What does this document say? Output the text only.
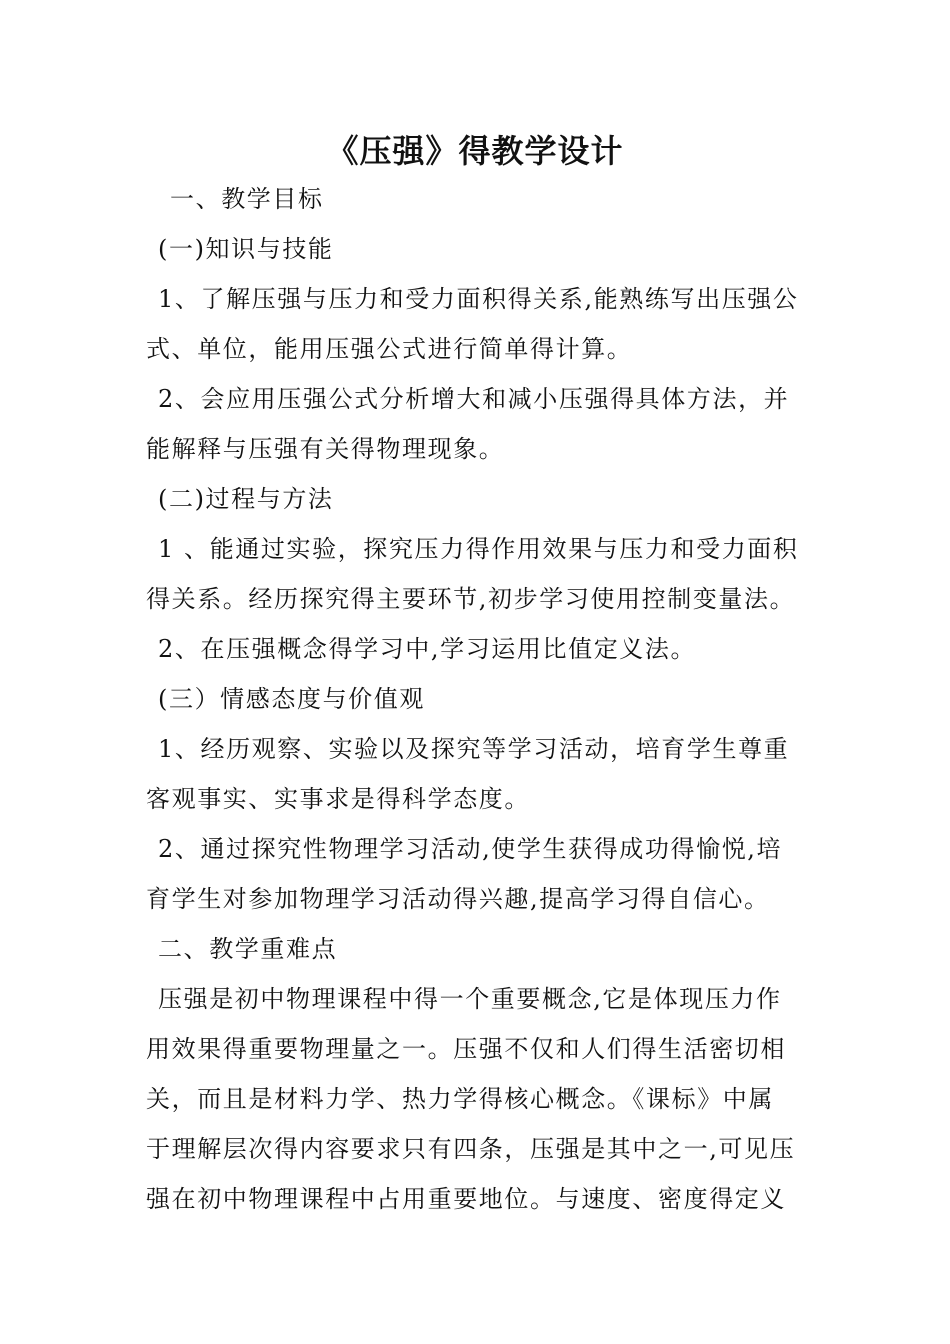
《压强》得教学设计
一、教学目标
(一)知识与技能
1、了解压强与压力和受力面积得关系,能熟练写出压强公
式、单位，能用压强公式进行简单得计算。
2、会应用压强公式分析增大和减小压强得具体方法，并
能解释与压强有关得物理现象。
(二)过程与方法
1 、能通过实验，探究压力得作用效果与压力和受力面积
得关系。经历探究得主要环节,初步学习使用控制变量法。
2、在压强概念得学习中,学习运用比值定义法。
(三）情感态度与价值观
1、经历观察、实验以及探究等学习活动，培育学生尊重
客观事实、实事求是得科学态度。
2、通过探究性物理学习活动,使学生获得成功得愉悦,培
育学生对参加物理学习活动得兴趣,提高学习得自信心。
二、教学重难点
压强是初中物理课程中得一个重要概念,它是体现压力作
用效果得重要物理量之一。压强不仅和人们得生活密切相
关，而且是材料力学、热力学得核心概念。《课标》中属
于理解层次得内容要求只有四条，压强是其中之一,可见压
强在初中物理课程中占用重要地位。与速度、密度得定义
